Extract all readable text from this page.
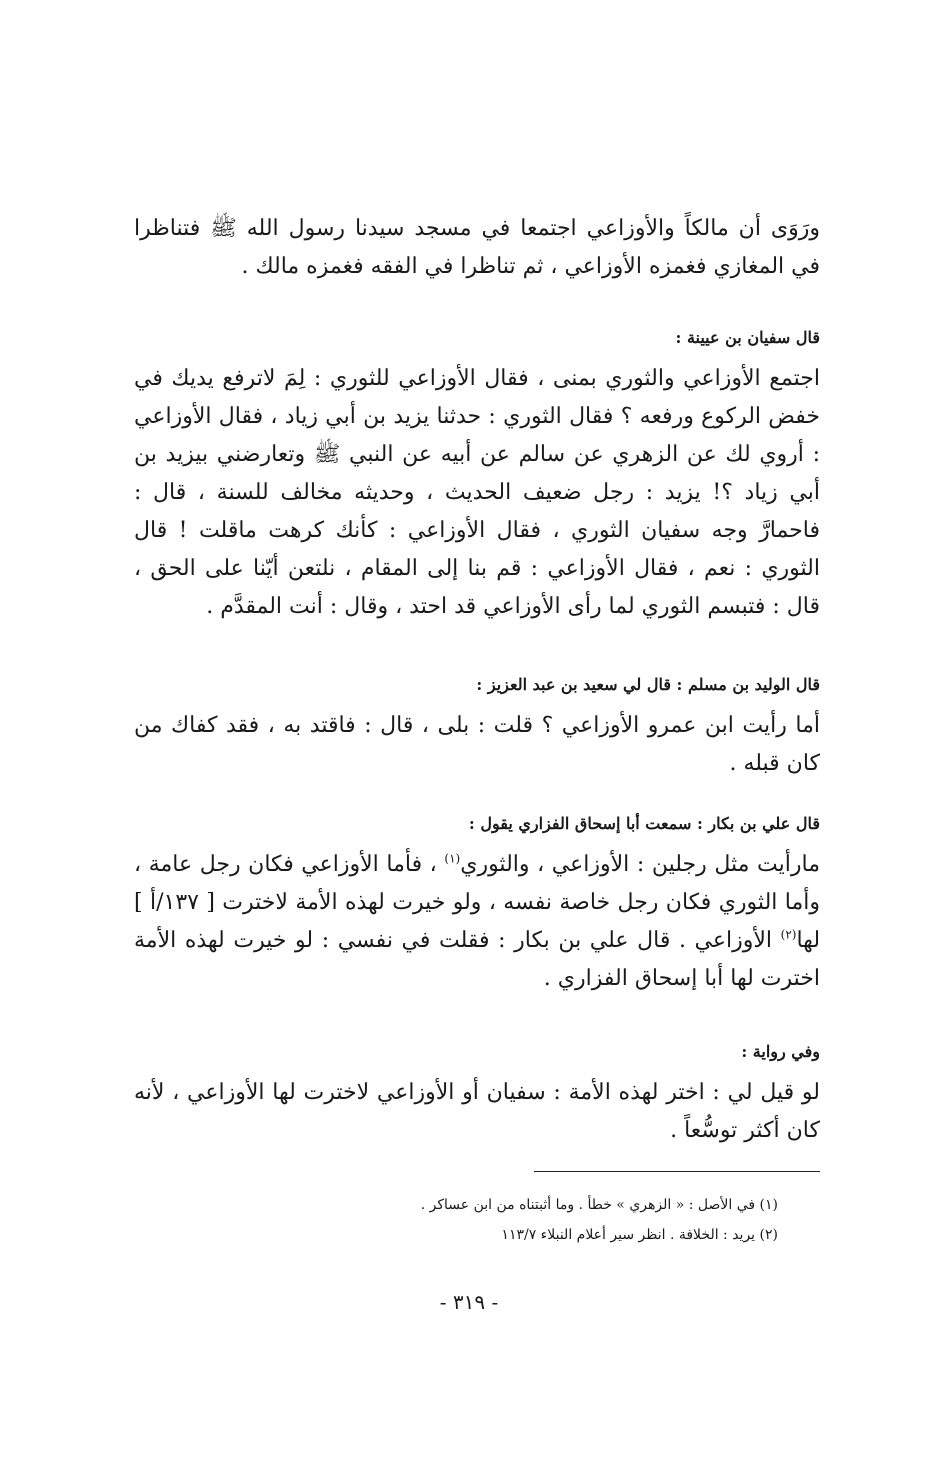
ورَوَى أن مالكاً والأوزاعي اجتمعا في مسجد سيدنا رسول الله ﷺ فتناظرا في المغازي فغمزه الأوزاعي ، ثم تناظرا في الفقه فغمزه مالك .

قال سفيان بن عيينة :

اجتمع الأوزاعي والثوري بمنى ، فقال الأوزاعي للثوري : لِمَ لاترفع يديك في خفض الركوع ورفعه ؟ فقال الثوري : حدثنا يزيد بن أبي زياد ، فقال الأوزاعي : أروي لك عن الزهري عن سالم عن أبيه عن النبي ﷺ وتعارضني بيزيد بن أبي زياد ؟! يزيد : رجل ضعيف الحديث ، وحديثه مخالف للسنة ، قال : فاحمارَّ وجه سفيان الثوري ، فقال الأوزاعي : كأنك كرهت ماقلت ! قال الثوري : نعم ، فقال الأوزاعي : قم بنا إلى المقام ، نلتعن أيّنا على الحق ، قال : فتبسم الثوري لما رأى الأوزاعي قد احتد ، وقال : أنت المقدَّم .

قال الوليد بن مسلم : قال لي سعيد بن عبد العزيز :

أما رأيت ابن عمرو الأوزاعي ؟ قلت : بلى ، قال : فاقتد به ، فقد كفاك من كان قبله .

قال علي بن بكار : سمعت أبا إسحاق الفزاري يقول :

مارأيت مثل رجلين : الأوزاعي ، والثوري$^{(١)}$ ، فأما الأوزاعي فكان رجل عامة ، وأما الثوري فكان رجل خاصة نفسه ، ولو خيرت لهذه الأمة لاخترت [ ١٣٧/أ ] لها$^{(٢)}$ الأوزاعي . قال علي بن بكار : فقلت في نفسي : لو خيرت لهذه الأمة اخترت لها أبا إسحاق الفزاري .

وفي رواية :

لو قيل لي : اختر لهذه الأمة : سفيان أو الأوزاعي لاخترت لها الأوزاعي ، لأنه كان أكثر توسُّعاً .

(١) في الأصل : « الزهري » خطأ . وما أثبتناه من ابن عساكر .

(٢) يريد : الخلافة . انظر سير أعلام النبلاء ١١٣/٧

- ٣١٩ -
